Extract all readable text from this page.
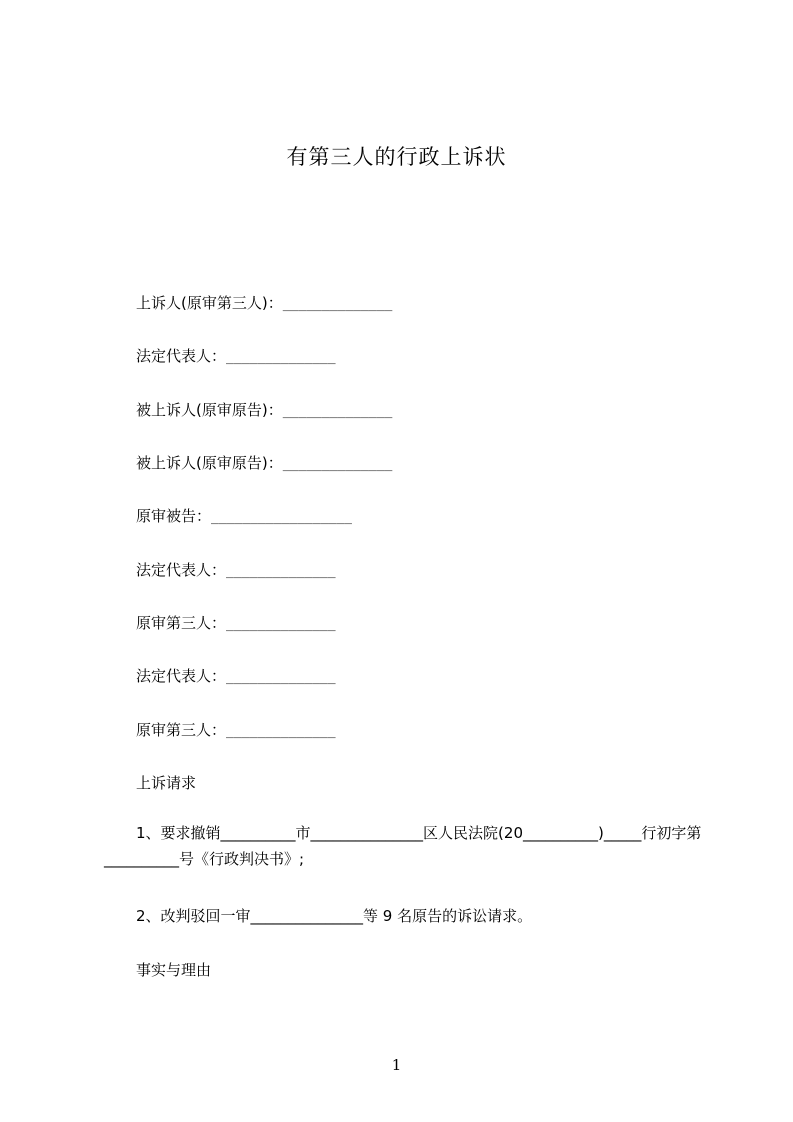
有第三人的行政上诉状
上诉人(原审第三人)：______________
法定代表人：______________
被上诉人(原审原告)：______________
被上诉人(原审原告)：______________
原审被告：__________________
法定代表人：______________
原审第三人：______________
法定代表人：______________
原审第三人：______________
上诉请求
1、要求撤销__________市_______________区人民法院(20__________)_____行初字第__________号《行政判决书》;
2、改判驳回一审_______________等 9 名原告的诉讼请求。
事实与理由
1
